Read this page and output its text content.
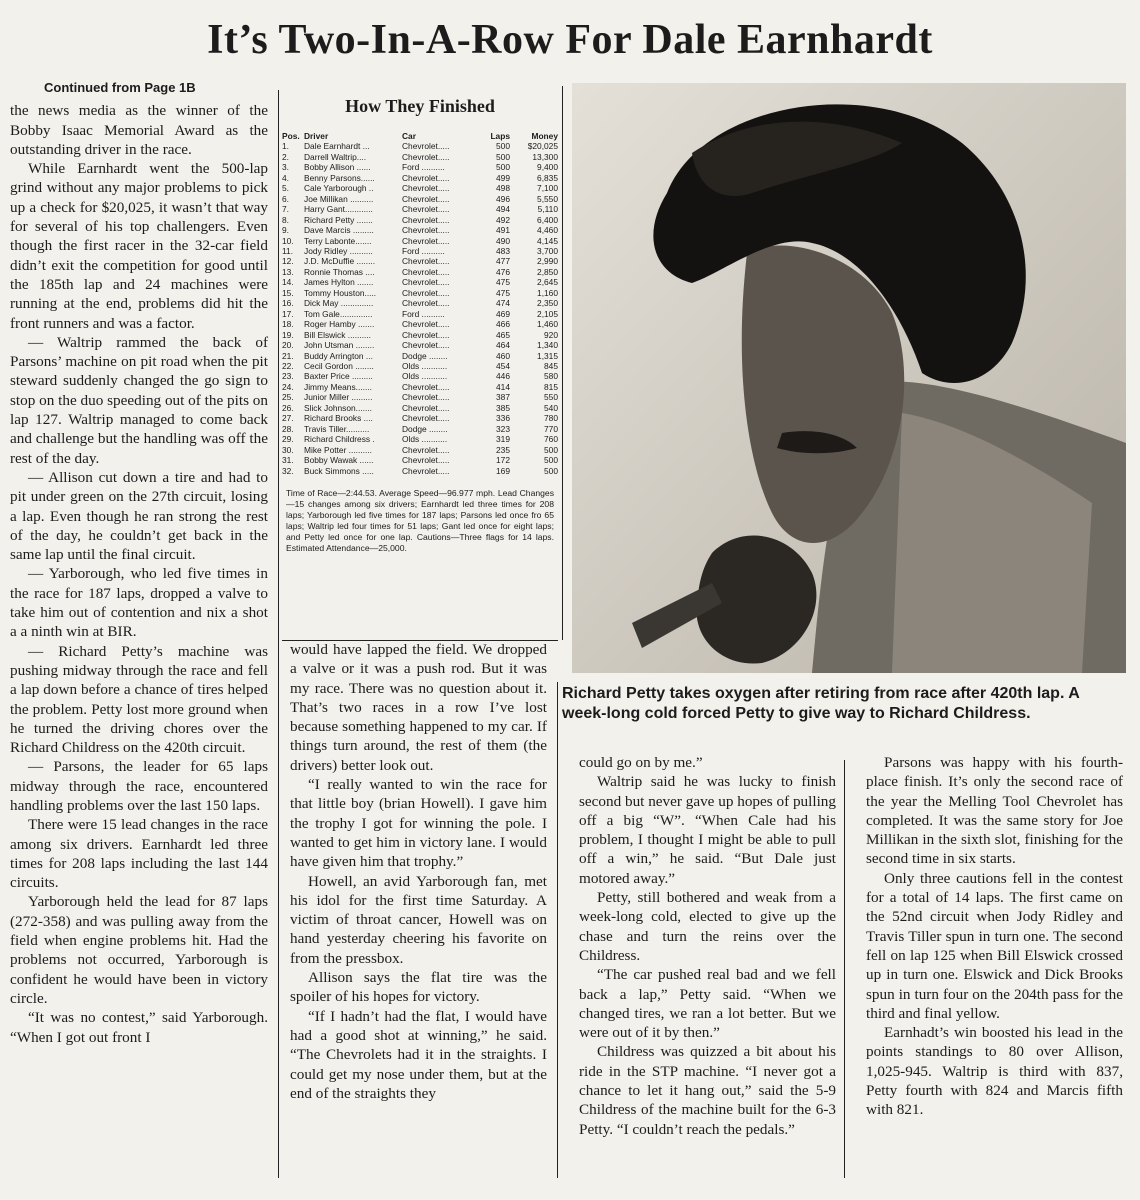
It’s Two-In-A-Row For Dale Earnhardt

Continued from Page 1B

the news media as the winner of the Bobby Isaac Memorial Award as the outstanding driver in the race.

While Earnhardt went the 500-lap grind without any major problems to pick up a check for $20,025, it wasn’t that way for several of his top challengers. Even though the first racer in the 32-car field didn’t exit the competition for good until the 185th lap and 24 machines were running at the end, problems did hit the front runners and was a factor.

— Waltrip rammed the back of Parsons’ machine on pit road when the pit steward suddenly changed the go sign to stop on the duo speeding out of the pits on lap 127. Waltrip managed to come back and challenge but the handling was off the rest of the day.

— Allison cut down a tire and had to pit under green on the 27th circuit, losing a lap. Even though he ran strong the rest of the day, he couldn’t get back in the same lap until the final circuit.

— Yarborough, who led five times in the race for 187 laps, dropped a valve to take him out of contention and nix a shot a a ninth win at BIR.

— Richard Petty’s machine was pushing midway through the race and fell a lap down before a chance of tires helped the problem. Petty lost more ground when he turned the driving chores over the Richard Childress on the 420th circuit.

— Parsons, the leader for 65 laps midway through the race, encountered handling problems over the last 150 laps.

There were 15 lead changes in the race among six drivers. Earnhardt led three times for 208 laps including the last 144 circuits.

Yarborough held the lead for 87 laps (272-358) and was pulling away from the field when engine problems hit. Had the problems not occurred, Yarborough is confident he would have been in victory circle.

“It was no contest,” said Yarborough. “When I got out front I

How They Finished
Pos.	Driver	Car	Laps	Money
1.	Dale Earnhardt ...	Chevrolet.....	500	$20,025
2.	Darrell Waltrip....	Chevrolet.....	500	13,300
3.	Bobby Allison ......	Ford ..........	500	9,400
4.	Benny Parsons......	Chevrolet.....	499	6,835
5.	Cale Yarborough ..	Chevrolet.....	498	7,100
6.	Joe Millikan ..........	Chevrolet.....	496	5,550
7.	Harry Gant............	Chevrolet.....	494	5,110
8.	Richard Petty .......	Chevrolet.....	492	6,400
9.	Dave Marcis .........	Chevrolet.....	491	4,460
10.	Terry Labonte.......	Chevrolet.....	490	4,145
11.	Jody Ridley ..........	Ford ..........	483	3,700
12.	J.D. McDuffie ........	Chevrolet.....	477	2,990
13.	Ronnie Thomas ....	Chevrolet.....	476	2,850
14.	James Hylton .......	Chevrolet.....	475	2,645
15.	Tommy Houston.....	Chevrolet.....	475	1,160
16.	Dick May ..............	Chevrolet.....	474	2,350
17.	Tom Gale..............	Ford ..........	469	2,105
18.	Roger Hamby .......	Chevrolet.....	466	1,460
19.	Bill Elswick ..........	Chevrolet.....	465	920
20.	John Utsman ........	Chevrolet.....	464	1,340
21.	Buddy Arrington ...	Dodge ........	460	1,315
22.	Cecil Gordon ........	Olds ...........	454	845
23.	Baxter Price .........	Olds ...........	446	580
24.	Jimmy Means.......	Chevrolet.....	414	815
25.	Junior Miller .........	Chevrolet.....	387	550
26.	Slick Johnson.......	Chevrolet.....	385	540
27.	Richard Brooks ....	Chevrolet.....	336	780
28.	Travis Tiller..........	Dodge ........	323	770
29.	Richard Childress .	Olds ...........	319	760
30.	Mike Potter ..........	Chevrolet.....	235	500
31.	Bobby Wawak ......	Chevrolet.....	172	500
32.	Buck Simmons .....	Chevrolet.....	169	500
Time of Race—2:44.53. Average Speed—96.977 mph. Lead Changes—15 changes among six drivers; Earnhardt led three times for 208 laps; Yarborough led five times for 187 laps; Parsons led once fro 65 laps; Waltrip led four times for 51 laps; Gant led once for eight laps; and Petty led once for one lap. Cautions—Three flags for 14 laps. Estimated Attendance—25,000.
Richard Petty takes oxygen after retiring from race after 420th lap. A week-long cold forced Petty to give way to Richard Childress.

would have lapped the field. We dropped a valve or it was a push rod. But it was my race. There was no question about it. That’s two races in a row I’ve lost because something happened to my car. If things turn around, the rest of them (the drivers) better look out.

“I really wanted to win the race for that little boy (brian Howell). I gave him the trophy I got for winning the pole. I wanted to get him in victory lane. I would have given him that trophy.”

Howell, an avid Yarborough fan, met his idol for the first time Saturday. A victim of throat cancer, Howell was on hand yesterday cheering his favorite on from the pressbox.

Allison says the flat tire was the spoiler of his hopes for victory.

“If I hadn’t had the flat, I would have had a good shot at winning,” he said. “The Chevrolets had it in the straights. I could get my nose under them, but at the end of the straights they

could go on by me.”

Waltrip said he was lucky to finish second but never gave up hopes of pulling off a big “W”. “When Cale had his problem, I thought I might be able to pull off a win,” he said. “But Dale just motored away.”

Petty, still bothered and weak from a week-long cold, elected to give up the chase and turn the reins over the Childress.

“The car pushed real bad and we fell back a lap,” Petty said. “When we changed tires, we ran a lot better. But we were out of it by then.”

Childress was quizzed a bit about his ride in the STP machine. “I never got a chance to let it hang out,” said the 5-9 Childress of the machine built for the 6-3 Petty. “I couldn’t reach the pedals.”

Parsons was happy with his fourth-place finish. It’s only the second race of the year the Melling Tool Chevrolet has completed. It was the same story for Joe Millikan in the sixth slot, finishing for the second time in six starts.

Only three cautions fell in the contest for a total of 14 laps. The first came on the 52nd circuit when Jody Ridley and Travis Tiller spun in turn one. The second fell on lap 125 when Bill Elswick crossed up in turn one. Elswick and Dick Brooks spun in turn four on the 204th pass for the third and final yellow.

Earnhadt’s win boosted his lead in the points standings to 80 over Allison, 1,025-945. Waltrip is third with 837, Petty fourth with 824 and Marcis fifth with 821.
